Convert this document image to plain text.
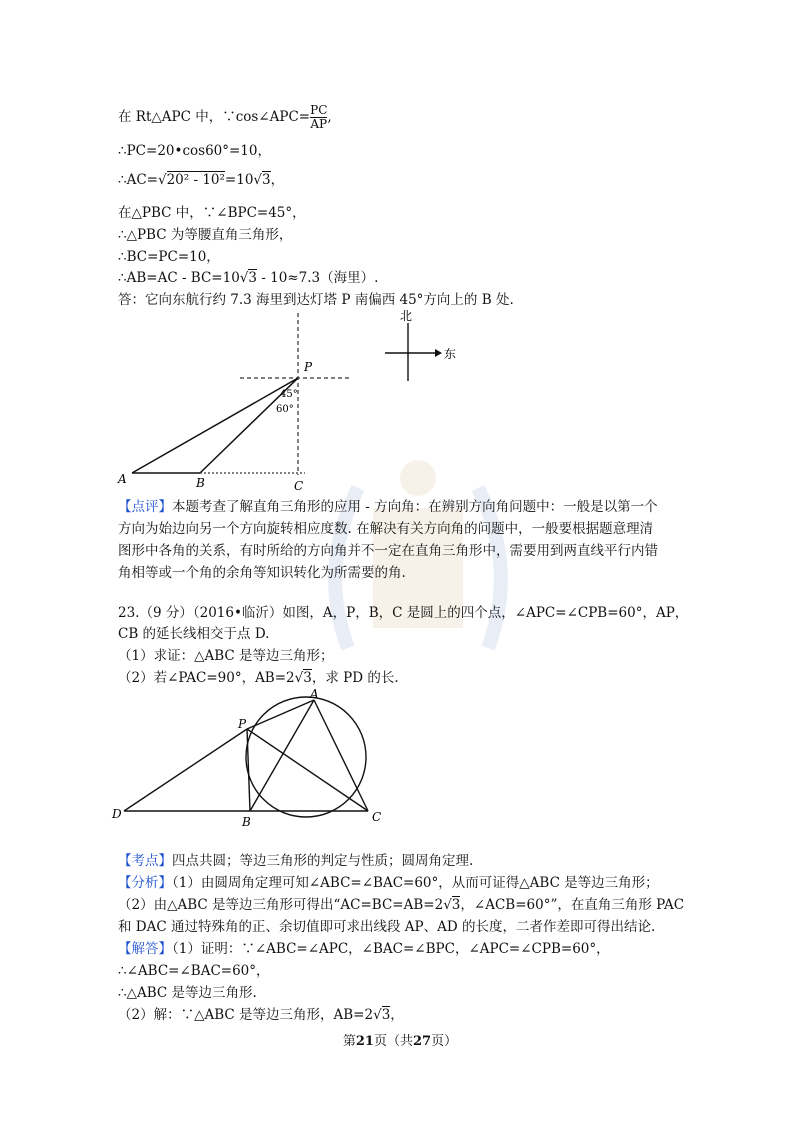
在 Rt△APC 中，∵cos∠APC= $\frac{PC}{AP}$ ,
∴PC=20•cos60°=10，
∴AC=√20² - 10²=10√3，
在△PBC 中，∵∠BPC=45°，
∴△PBC 为等腰直角三角形，
∴BC=PC=10，
∴AB=AC - BC=10√3 - 10≈7.3（海里）.
答：它向东航行约 7.3 海里到达灯塔 P 南偏西 45°方向上的 B 处.
P
A	B	C
45°
60°
北
东
【点评】本题考查了解直角三角形的应用 - 方向角：在辨别方向角问题中：一般是以第一个
方向为始边向另一个方向旋转相应度数. 在解决有关方向角的问题中，一般要根据题意理清
图形中各角的关系，有时所给的方向角并不一定在直角三角形中，需要用到两直线平行内错
角相等或一个角的余角等知识转化为所需要的角.
23.（9 分）（2016•临沂）如图，A，P，B，C 是圆上的四个点，∠APC=∠CPB=60°，AP，
CB 的延长线相交于点 D.
（1）求证：△ABC 是等边三角形；
（2）若∠PAC=90°，AB=2√3，求 PD 的长.
A
P
D
B	C
【考点】四点共圆；等边三角形的判定与性质；圆周角定理.
【分析】（1）由圆周角定理可知∠ABC=∠BAC=60°，从而可证得△ABC 是等边三角形；
（2）由△ABC 是等边三角形可得出“AC=BC=AB=2√3，∠ACB=60°”，在直角三角形 PAC
和 DAC 通过特殊角的正、余切值即可求出线段 AP、AD 的长度，二者作差即可得出结论.
【解答】（1）证明：∵∠ABC=∠APC，∠BAC=∠BPC，∠APC=∠CPB=60°，
∴∠ABC=∠BAC=60°，
∴△ABC 是等边三角形.
（2）解：∵△ABC 是等边三角形，AB=2√3，
第21页（共27页）
